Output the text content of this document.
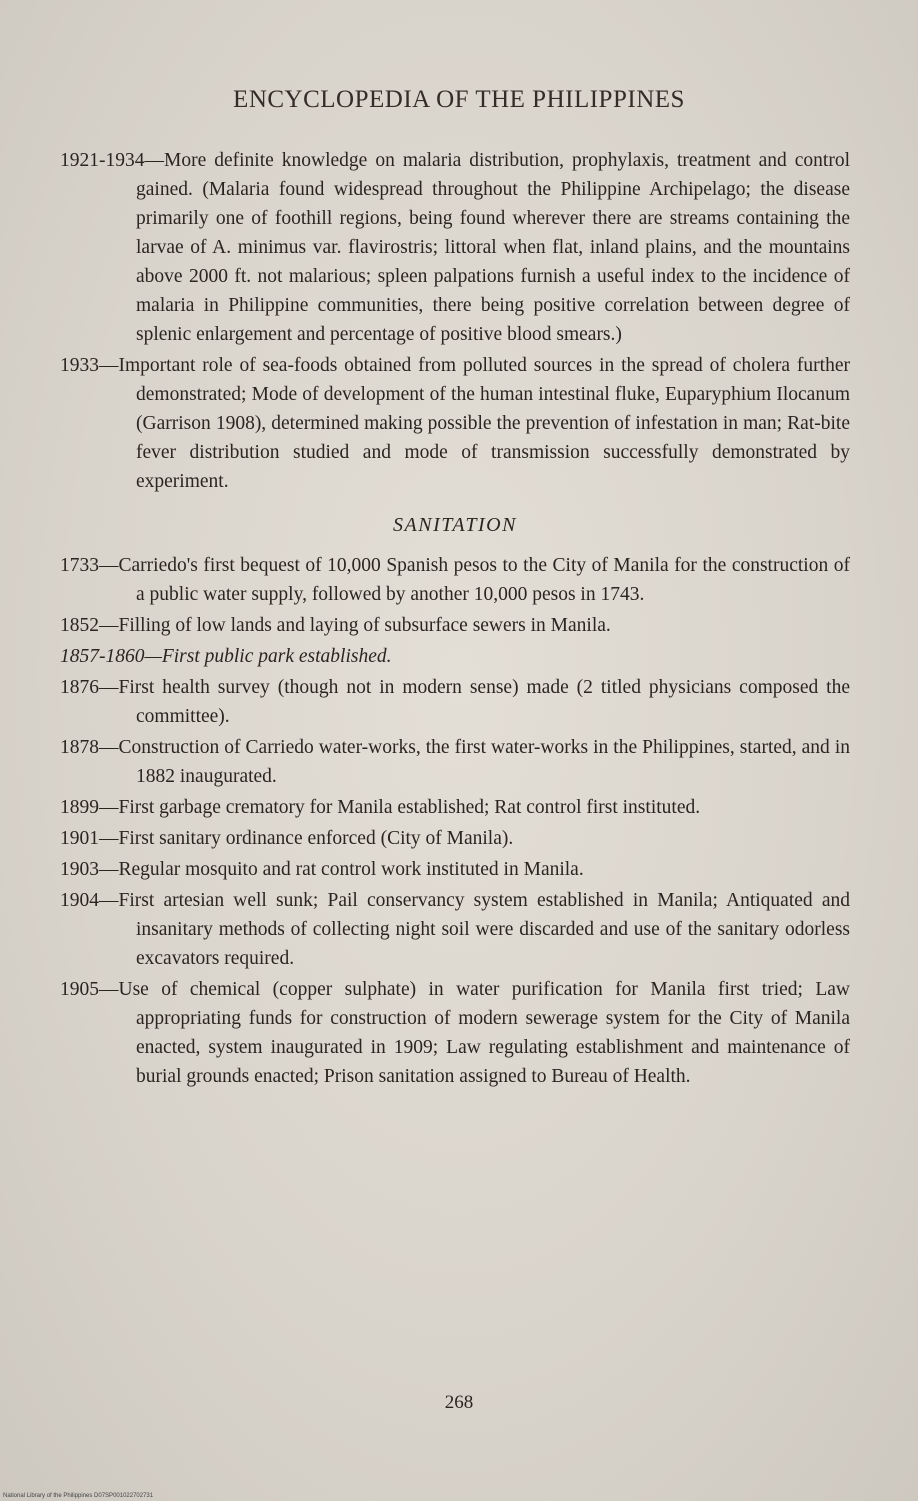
ENCYCLOPEDIA OF THE PHILIPPINES

1921-1934—More definite knowledge on malaria distribution, prophylaxis, treatment and control gained. (Malaria found widespread throughout the Philippine Archipelago; the disease primarily one of foothill regions, being found wherever there are streams containing the larvae of A. minimus var. flavirostris; littoral when flat, inland plains, and the mountains above 2000 ft. not malarious; spleen palpations furnish a useful index to the incidence of malaria in Philippine communities, there being positive correlation between degree of splenic enlargement and percentage of positive blood smears.)

1933—Important role of sea-foods obtained from polluted sources in the spread of cholera further demonstrated; Mode of development of the human intestinal fluke, Euparyphium Ilocanum (Garrison 1908), determined making possible the prevention of infestation in man; Rat-bite fever distribution studied and mode of transmission successfully demonstrated by experiment.

SANITATION

1733—Carriedo's first bequest of 10,000 Spanish pesos to the City of Manila for the construction of a public water supply, followed by another 10,000 pesos in 1743.

1852—Filling of low lands and laying of subsurface sewers in Manila.

1857-1860—First public park established.

1876—First health survey (though not in modern sense) made (2 titled physicians composed the committee).

1878—Construction of Carriedo water-works, the first water-works in the Philippines, started, and in 1882 inaugurated.

1899—First garbage crematory for Manila established; Rat control first instituted.

1901—First sanitary ordinance enforced (City of Manila).

1903—Regular mosquito and rat control work instituted in Manila.

1904—First artesian well sunk; Pail conservancy system established in Manila; Antiquated and insanitary methods of collecting night soil were discarded and use of the sanitary odorless excavators required.

1905—Use of chemical (copper sulphate) in water purification for Manila first tried; Law appropriating funds for construction of modern sewerage system for the City of Manila enacted, system inaugurated in 1909; Law regulating establishment and maintenance of burial grounds enacted; Prison sanitation assigned to Bureau of Health.

268
National Library of the Philippines D07SP001022702731
